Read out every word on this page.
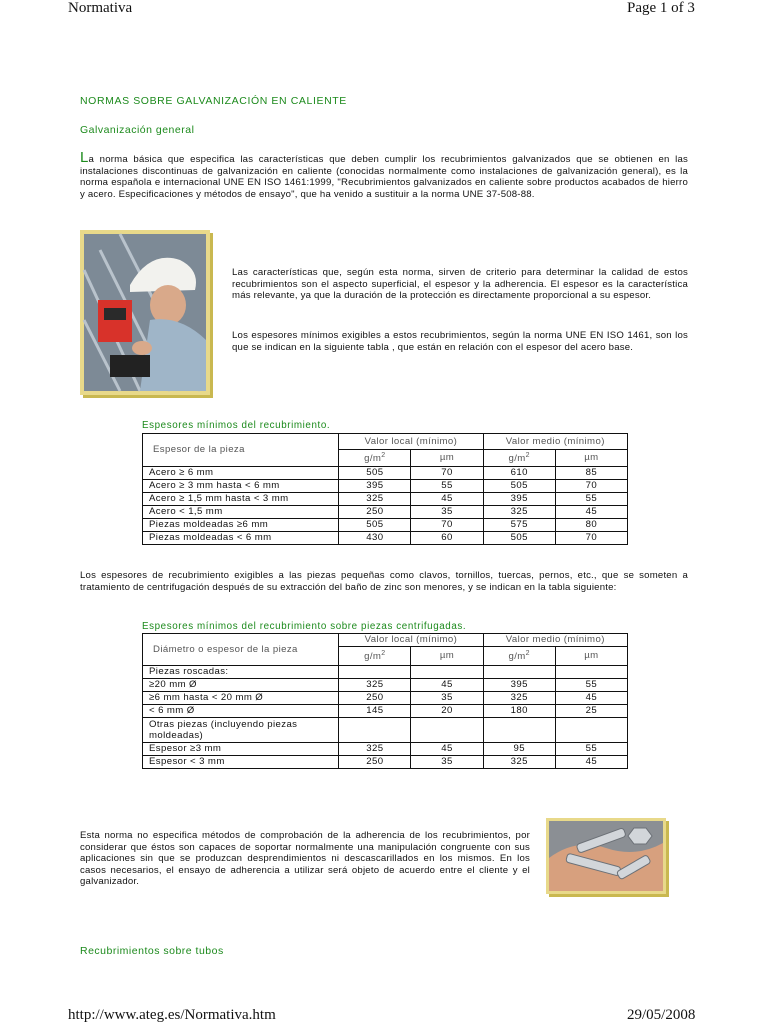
Normativa	Page 1 of 3
NORMAS SOBRE GALVANIZACIÓN EN CALIENTE
Galvanización general
La norma básica que especifica las características que deben cumplir los recubrimientos galvanizados que se obtienen en las instalaciones discontinuas de galvanización en caliente (conocidas normalmente como instalaciones de galvanización general), es la norma española e internacional UNE EN ISO 1461:1999, "Recubrimientos galvanizados en caliente sobre productos acabados de hierro y acero. Especificaciones y métodos de ensayo", que ha venido a sustituir a la norma UNE 37-508-88.
Las características que, según esta norma, sirven de criterio para determinar la calidad de estos recubrimientos son el aspecto superficial, el espesor y la adherencia. El espesor es la característica más relevante, ya que la duración de la protección es directamente proporcional a su espesor.
Los espesores mínimos exigibles a estos recubrimientos, según la norma UNE EN ISO 1461, son los que se indican en la siguiente tabla , que están en relación con el espesor del acero base.
Espesores mínimos del recubrimiento.
Espesor de la pieza	Valor local (mínimo)		Valor medio (mínimo)	
	$g/m^2$	µm	$g/m^2$	µm
Acero ≥ 6 mm	505	70	610	85
Acero ≥ 3 mm hasta < 6 mm	395	55	505	70
Acero ≥ 1,5 mm hasta < 3 mm	325	45	395	55
Acero < 1,5 mm	250	35	325	45
Piezas moldeadas ≥6 mm	505	70	575	80
Piezas moldeadas < 6 mm	430	60	505	70
Los espesores de recubrimiento exigibles a las piezas pequeñas como clavos, tornillos, tuercas, pernos, etc., que se someten a tratamiento de centrifugación después de su extracción del baño de zinc son menores, y se indican en la tabla siguiente:
Espesores mínimos del recubrimiento sobre piezas centrifugadas.
Diámetro o espesor de la pieza	Valor local (mínimo)		Valor medio (mínimo)	
	$g/m^2$	µm	$g/m^2$	µm
Piezas roscadas:				
≥20 mm Ø	325	45	395	55
≥6 mm hasta < 20 mm Ø	250	35	325	45
< 6 mm Ø	145	20	180	25
Otras piezas (incluyendo piezas moldeadas)				
Espesor ≥3 mm	325	45	95	55
Espesor < 3 mm	250	35	325	45
Esta norma no especifica métodos de comprobación de la adherencia de los recubrimientos, por considerar que éstos son capaces de soportar normalmente una manipulación congruente con sus aplicaciones sin que se produzcan desprendimientos ni descascarillados en los mismos. En los casos necesarios, el ensayo de adherencia a utilizar será objeto de acuerdo entre el cliente y el galvanizador.
Recubrimientos sobre tubos
http://www.ateg.es/Normativa.htm	29/05/2008
